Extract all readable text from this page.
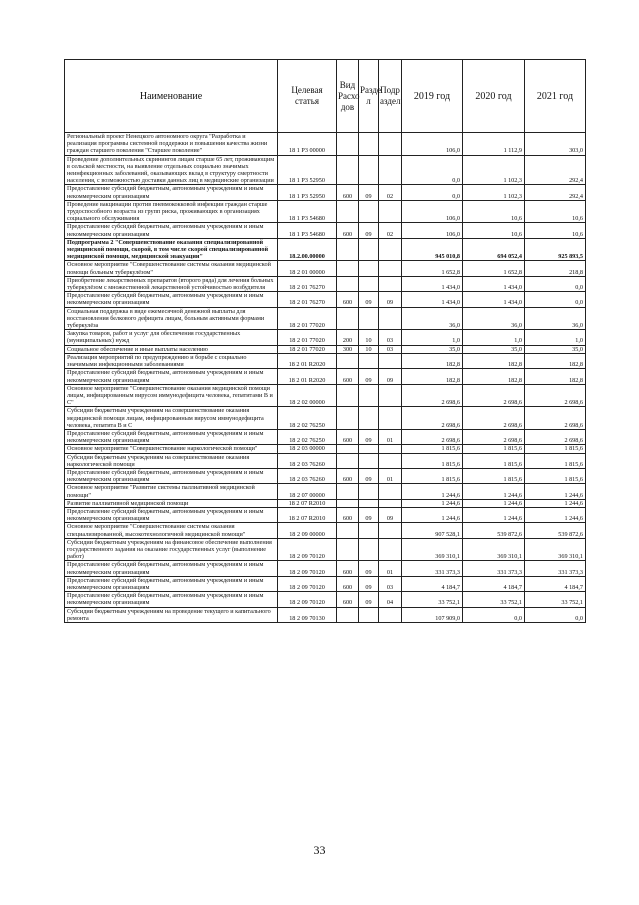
Наименование	Целевая статья	Вид Расхо дов	Разде л	Подр аздел	2019 год	2020 год	2021 год
Региональный проект Ненецкого автономного округа "Разработка и реализация программы системной поддержки и повышения качества жизни граждан старшего поколения "Старшее поколение"	18 1 P3 00000				106,0	1 112,9	303,0
Проведение дополнительных скринингов лицам старше 65 лет, проживающим в сельской местности, на выявление отдельных социально значимых неинфекционных заболеваний, оказывающих вклад в структуру смертности населения, с возможностью доставки данных лиц в медицинские организации	18 1 P3 52950				0,0	1 102,3	292,4
Предоставление субсидий бюджетным, автономным учреждениям и иным некоммерческим организациям	18 1 P3 52950	600	09	02	0,0	1 102,3	292,4
Проведение вакцинации против пневмококковой инфекции граждан старше трудоспособного возраста из групп риска, проживающих в организациях социального обслуживания	18 1 P3 54680				106,0	10,6	10,6
Предоставление субсидий бюджетным, автономным учреждениям и иным некоммерческим организациям	18 1 P3 54680	600	09	02	106,0	10,6	10,6
Подпрограмма 2 "Совершенствование оказания специализированной медицинской помощи, скорой, в том числе скорой специализированной медицинской помощи, медицинской эвакуации"	18.2.00.00000				945 010,8	694 052,4	925 893,5
Основное мероприятие "Совершенствование системы оказания медицинской помощи больным туберкулёзом"	18 2 01 00000				1 652,8	1 652,8	218,8
Приобретение лекарственных препаратов (второго ряда) для лечения больных туберкулёзом с множественной лекарственной устойчивостью возбудителя	18 2 01 76270				1 434,0	1 434,0	0,0
Предоставление субсидий бюджетным, автономным учреждениям и иным некоммерческим организациям	18 2 01 76270	600	09	09	1 434,0	1 434,0	0,0
Социальная поддержка в виде ежемесячной денежной выплаты для восстановления белкового дефицита лицам, больным активными формами туберкулёза	18 2 01 77020				36,0	36,0	36,0
Закупка товаров, работ и услуг для обеспечения государственных (муниципальных) нужд	18 2 01 77020	200	10	03	1,0	1,0	1,0
Социальное обеспечение и иные выплаты населению	18 2 01 77020	300	10	03	35,0	35,0	35,0
Реализация мероприятий по предупреждению и борьбе с социально значимыми инфекционными заболеваниями	18 2 01 R2020				182,8	182,8	182,8
Предоставление субсидий бюджетным, автономным учреждениям и иным некоммерческим организациям	18 2 01 R2020	600	09	09	182,8	182,8	182,8
Основное мероприятие "Совершенствование оказания медицинской помощи лицам, инфицированным вирусом иммунодефицита человека, гепатитами В и С"	18 2 02 00000				2 698,6	2 698,6	2 698,6
Субсидии бюджетным учреждениям на совершенствование оказания медицинской помощи лицам, инфицированным вирусом иммунодефицита человека, гепатита В и С	18 2 02 76250				2 698,6	2 698,6	2 698,6
Предоставление субсидий бюджетным, автономным учреждениям и иным некоммерческим организациям	18 2 02 76250	600	09	01	2 698,6	2 698,6	2 698,6
Основное мероприятие "Совершенствование наркологической помощи"	18 2 03 00000				1 815,6	1 815,6	1 815,6
Субсидии бюджетным учреждениям на совершенствование оказания наркологической помощи	18 2 03 76260				1 815,6	1 815,6	1 815,6
Предоставление субсидий бюджетным, автономным учреждениям и иным некоммерческим организациям	18 2 03 76260	600	09	01	1 815,6	1 815,6	1 815,6
Основное мероприятие "Развитие системы паллиативной медицинской помощи"	18 2 07 00000				1 244,6	1 244,6	1 244,6
Развитие паллиативной медицинской помощи	18 2 07 R2010				1 244,6	1 244,6	1 244,6
Предоставление субсидий бюджетным, автономным учреждениям и иным некоммерческим организациям	18 2 07 R2010	600	09	09	1 244,6	1 244,6	1 244,6
Основное мероприятие "Совершенствование системы оказания специализированной, высокотехнологичной медицинской помощи"	18 2 09 00000				907 528,1	539 872,6	539 872,6
Субсидии бюджетным учреждениям на финансовое обеспечение выполнения государственного задания на оказание государственных услуг (выполнение работ)	18 2 09 70120				369 310,1	369 310,1	369 310,1
Предоставление субсидий бюджетным, автономным учреждениям и иным некоммерческим организациям	18 2 09 70120	600	09	01	331 373,3	331 373,3	331 373,3
Предоставление субсидий бюджетным, автономным учреждениям и иным некоммерческим организациям	18 2 09 70120	600	09	03	4 184,7	4 184,7	4 184,7
Предоставление субсидий бюджетным, автономным учреждениям и иным некоммерческим организациям	18 2 09 70120	600	09	04	33 752,1	33 752,1	33 752,1
Субсидии бюджетным учреждениям на проведение текущего и капитального ремонта	18 2 09 70130				107 909,0	0,0	0,0
33
